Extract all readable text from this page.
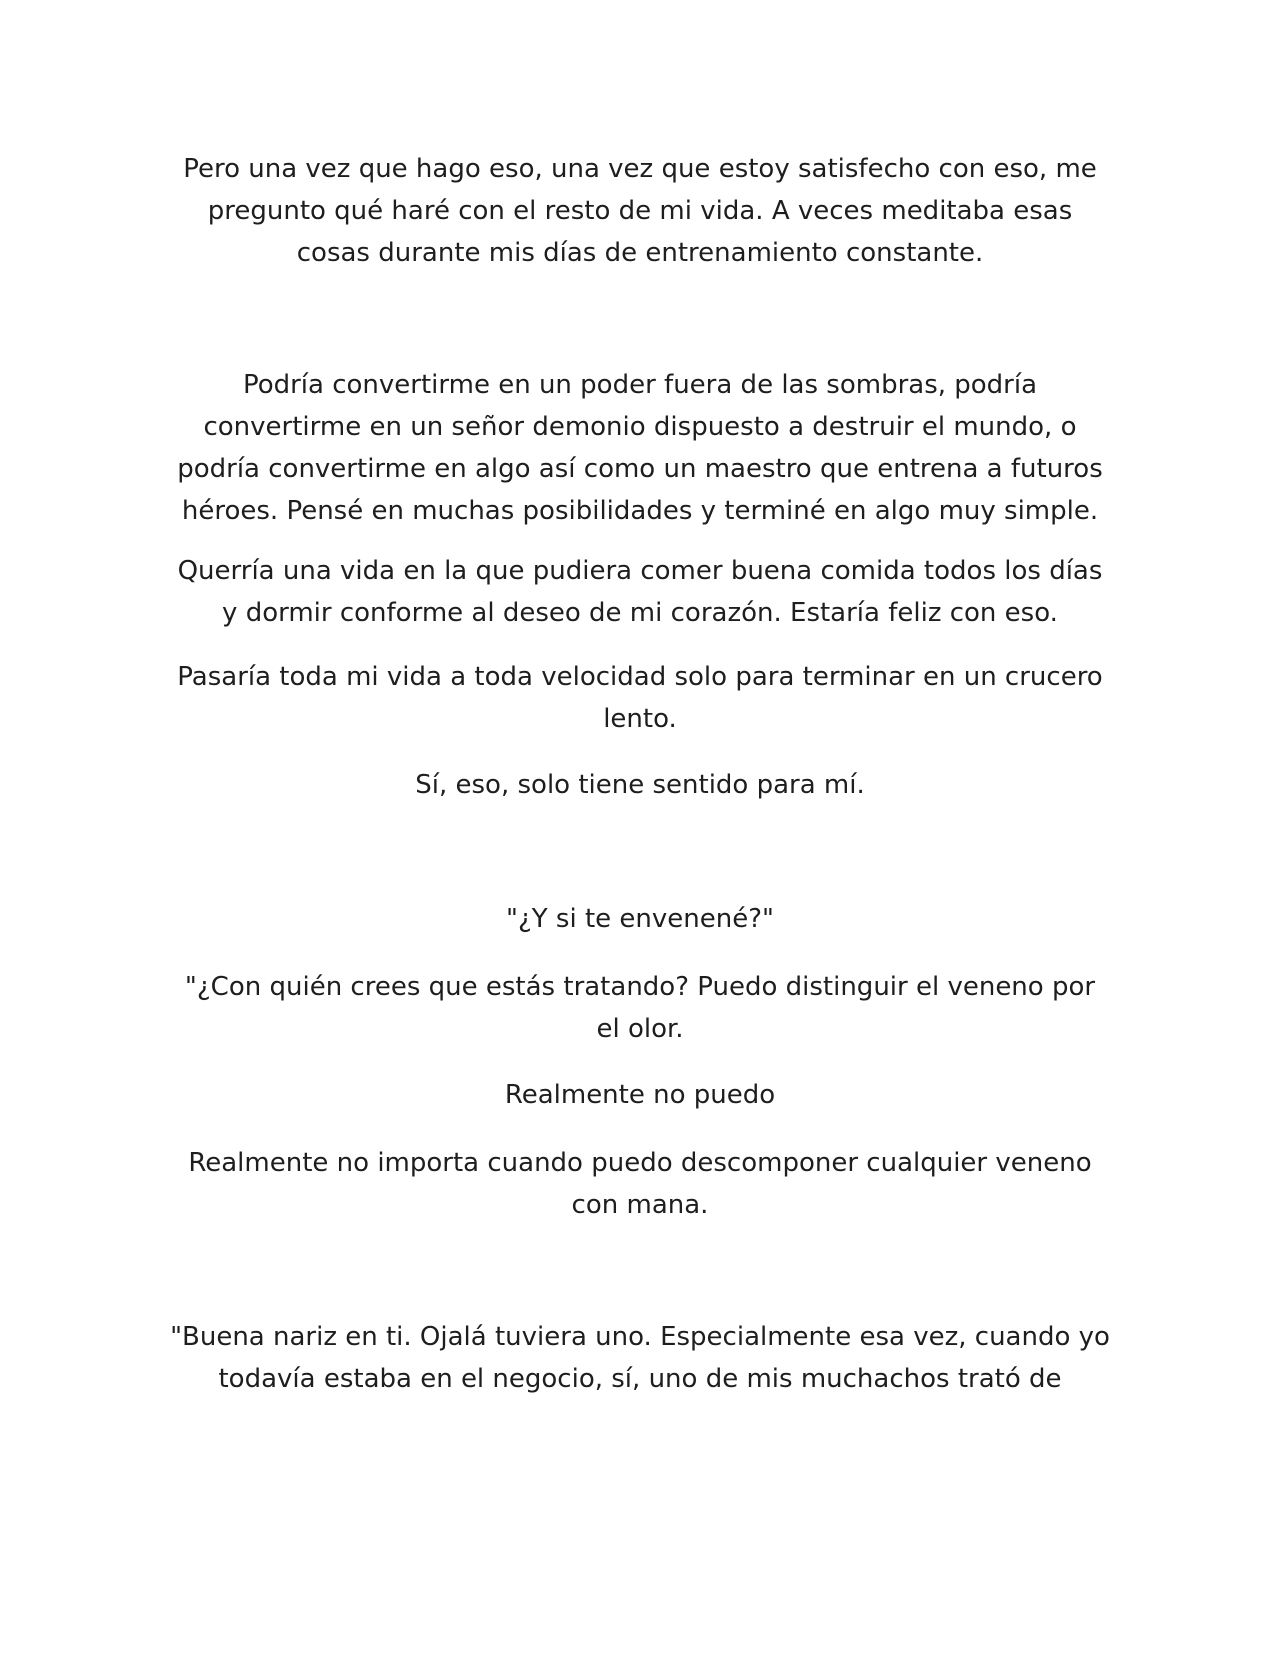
Pero una vez que hago eso, una vez que estoy satisfecho con eso, me pregunto qué haré con el resto de mi vida. A veces meditaba esas cosas durante mis días de entrenamiento constante.

Podría convertirme en un poder fuera de las sombras, podría convertirme en un señor demonio dispuesto a destruir el mundo, o podría convertirme en algo así como un maestro que entrena a futuros héroes. Pensé en muchas posibilidades y terminé en algo muy simple.

Querría una vida en la que pudiera comer buena comida todos los días y dormir conforme al deseo de mi corazón. Estaría feliz con eso.

Pasaría toda mi vida a toda velocidad solo para terminar en un crucero lento.

Sí, eso, solo tiene sentido para mí.

"¿Y si te envenené?"

"¿Con quién crees que estás tratando? Puedo distinguir el veneno por el olor.

Realmente no puedo

Realmente no importa cuando puedo descomponer cualquier veneno con mana.

"Buena nariz en ti. Ojalá tuviera uno. Especialmente esa vez, cuando yo todavía estaba en el negocio, sí, uno de mis muchachos trató de
